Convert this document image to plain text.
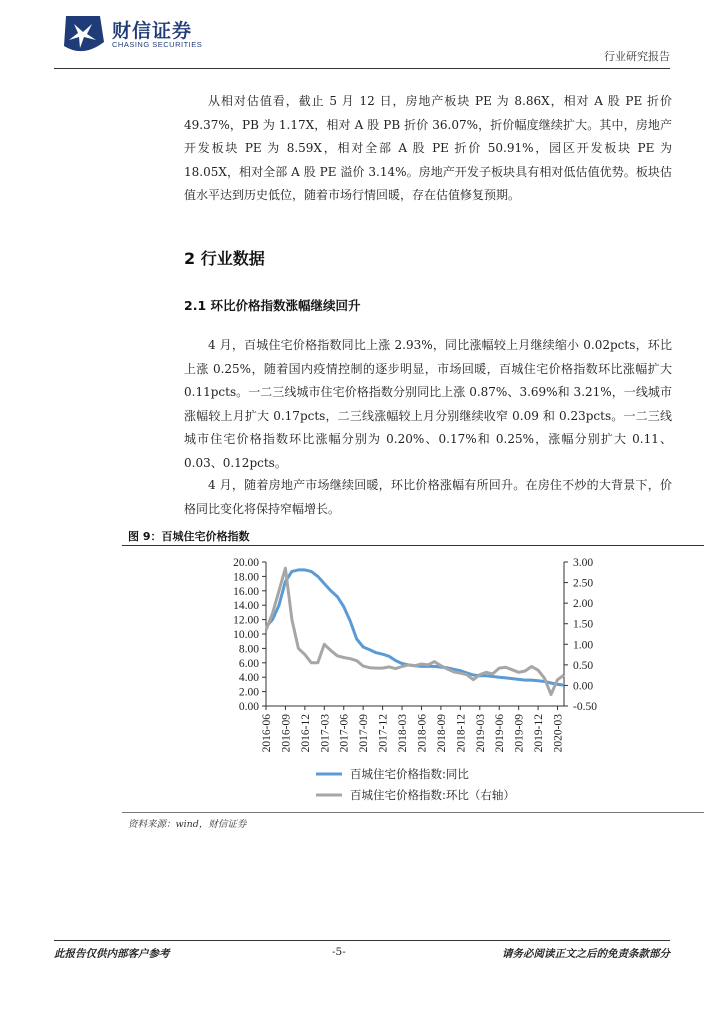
财信证券
CHASING SECURITIES
行业研究报告
从相对估值看，截止 5 月 12 日，房地产板块 PE 为 8.86X，相对 A 股 PE 折价 49.37%，PB 为 1.17X，相对 A 股 PB 折价 36.07%，折价幅度继续扩大。其中，房地产开发板块 PE 为 8.59X，相对全部 A 股 PE 折价 50.91%，园区开发板块 PE 为 18.05X，相对全部 A 股 PE 溢价 3.14%。房地产开发子板块具有相对低估值优势。板块估值水平达到历史低位，随着市场行情回暖，存在估值修复预期。
2 行业数据
2.1 环比价格指数涨幅继续回升
4 月，百城住宅价格指数同比上涨 2.93%，同比涨幅较上月继续缩小 0.02pcts，环比上涨 0.25%，随着国内疫情控制的逐步明显，市场回暖，百城住宅价格指数环比涨幅扩大 0.11pcts。一二三线城市住宅价格指数分别同比上涨 0.87%、3.69%和 3.21%，一线城市涨幅较上月扩大 0.17pcts，二三线涨幅较上月分别继续收窄 0.09 和 0.23pcts。一二三线城市住宅价格指数环比涨幅分别为 0.20%、0.17%和 0.25%，涨幅分别扩大 0.11、0.03、0.12pcts。
4 月，随着房地产市场继续回暖，环比价格涨幅有所回升。在房住不炒的大背景下，价格同比变化将保持窄幅增长。
图 9：百城住宅价格指数
20.00
18.00
16.00
14.00
12.00
10.00
8.00
6.00
4.00
2.00
0.00
3.00
2.50
2.00
1.50
1.00
0.50
0.00
-0.50
2016-06 2016-09 2016-12 2017-03 2017-06 2017-09 2017-12 2018-03 2018-06 2018-09 2018-12 2019-03 2019-06 2019-09 2019-12 2020-03
百城住宅价格指数:同比
百城住宅价格指数:环比（右轴）
资料来源：wind，财信证券
此报告仅供内部客户参考	-5-	请务必阅读正文之后的免责条款部分
